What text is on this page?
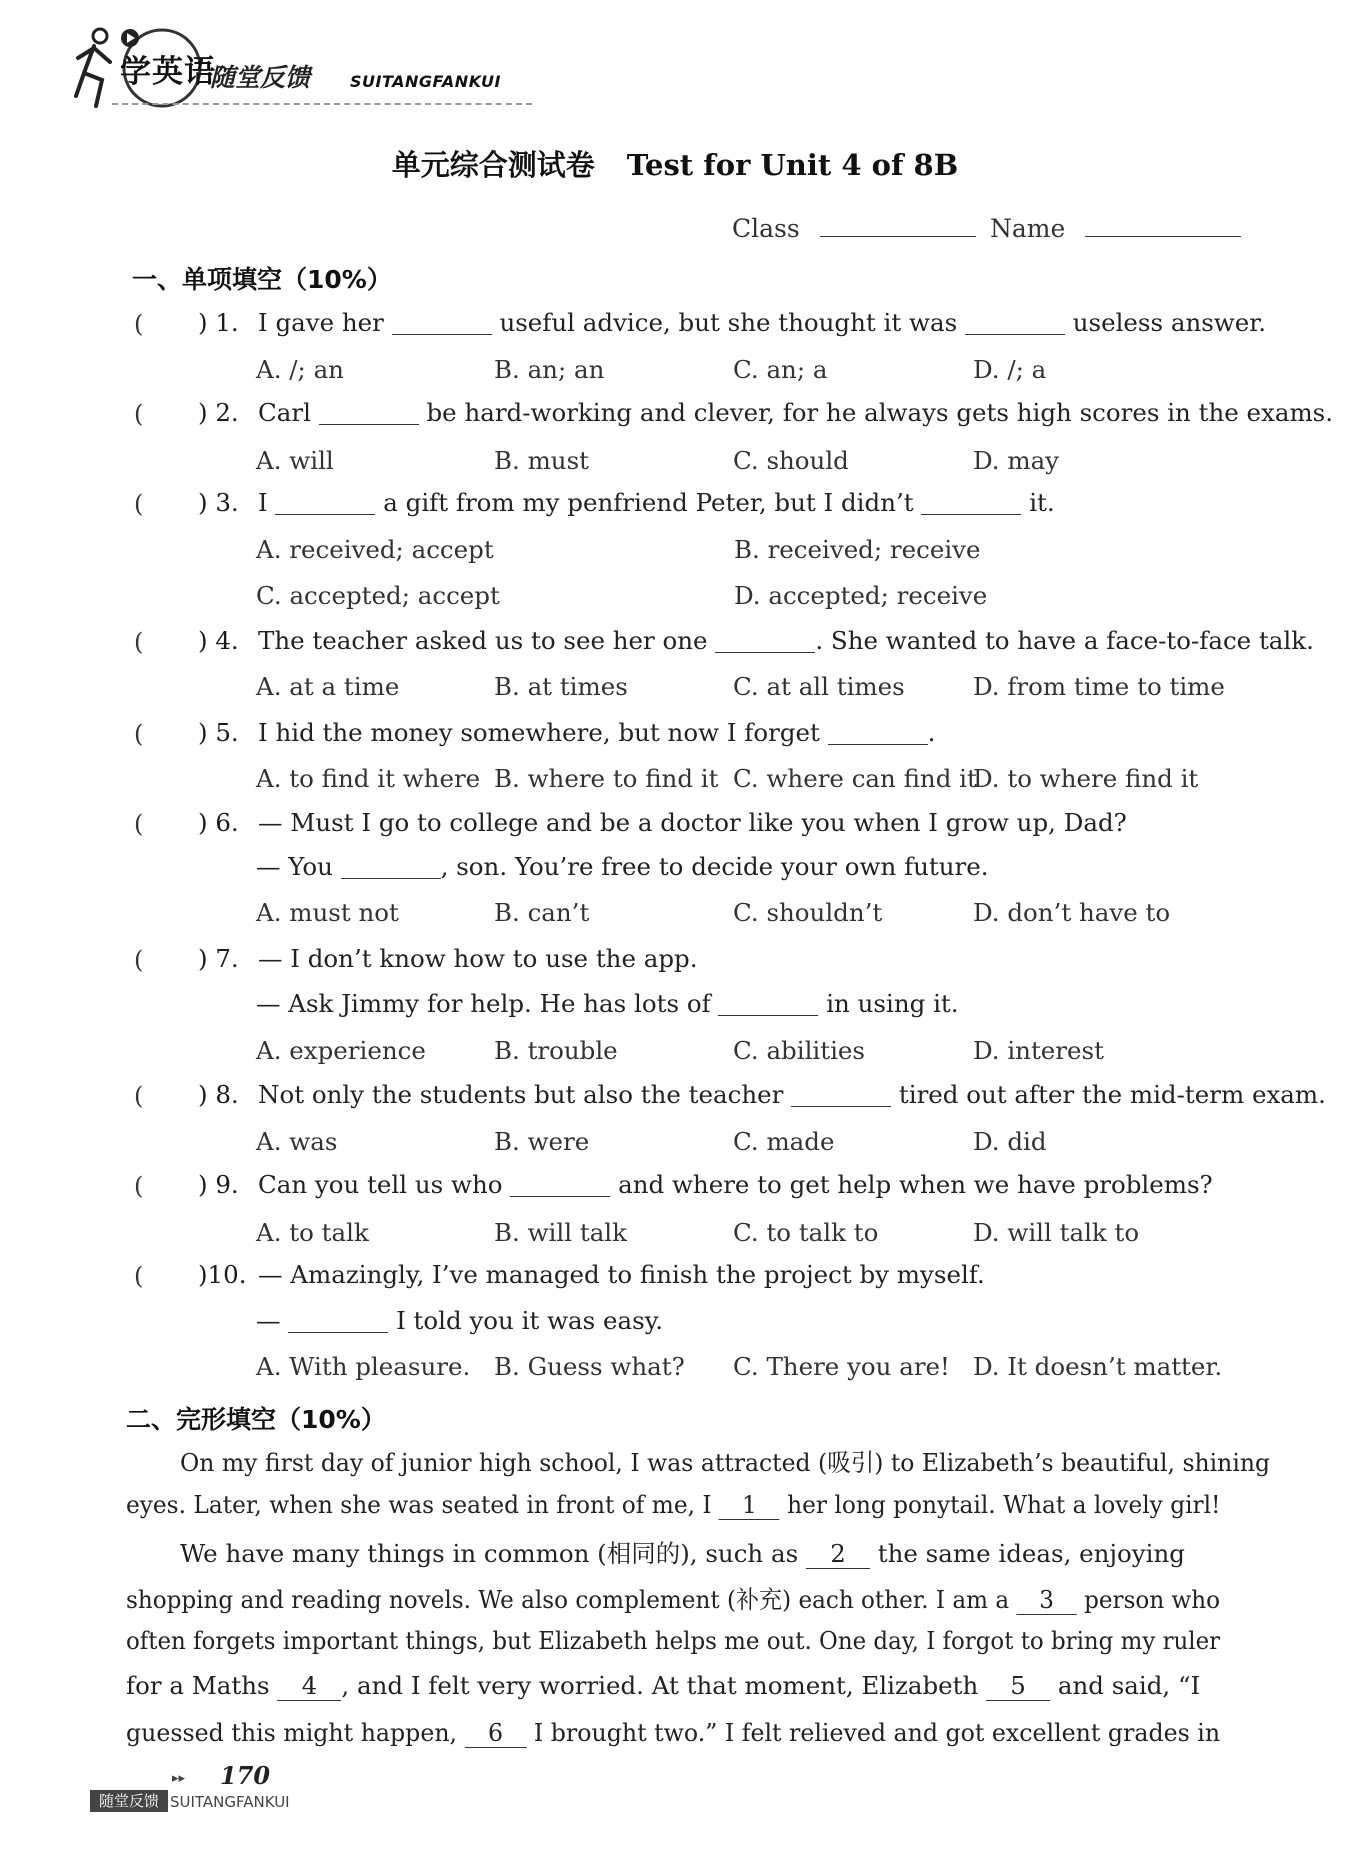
学英语
随堂反馈 SUITANGFANKUI
单元综合测试卷 Test for Unit 4 of 8B
Class	Name
一、单项填空（10%）
( ) 1. I gave her	useful advice, but she thought it was	useless answer.
A. /; an	B. an; an	C. an; a	D. /; a
( ) 2. Carl	be hard-working and clever, for he always gets high scores in the exams.
A. will	B. must	C. should	D. may
( ) 3. I	a gift from my penfriend Peter, but I didn’t	it.
A. received; accept	B. received; receive
C. accepted; accept	D. accepted; receive
( ) 4. The teacher asked us to see her one	. She wanted to have a face-to-face talk.
A. at a time	B. at times	C. at all times	D. from time to time
( ) 5. I hid the money somewhere, but now I forget	.
A. to find it where B. where to find it C. where can find it
D. to where find it
( ) 6. — Must I go to college and be a doctor like you when I grow up, Dad?
— You	, son. You’re free to decide your own future.
A. must not	B. can’t	C. shouldn’t	D. don’t have to
( ) 7. — I don’t know how to use the app.
— Ask Jimmy for help. He has lots of	in using it.
A. experience	B. trouble	C. abilities	D. interest
( ) 8. Not only the students but also the teacher	tired out after the mid-term exam.
A. was	B. were	C. made	D. did
( ) 9. Can you tell us who	and where to get help when we have problems?
A. to talk	B. will talk	C. to talk to	D. will talk to
( )10. — Amazingly, I’ve managed to finish the project by myself.
—	I told you it was easy.
A. With pleasure. B. Guess what? C. There you are! D. It doesn’t matter.
二、完形填空（10%）
On my first day of junior high school, I was attracted (吸引) to Elizabeth’s beautiful, shining
eyes. Later, when she was seated in front of me, I 1 her long ponytail. What a lovely girl!
We have many things in common (相同的), such as 2 the same ideas, enjoying
shopping and reading novels. We also complement (补充) each other. I am a 3 person who
often forgets important things, but Elizabeth helps me out. One day, I forgot to bring my ruler
for a Maths 4 , and I felt very worried. At that moment, Elizabeth 5 and said, “I
guessed this might happen, 6 I brought two.” I felt relieved and got excellent grades in
▸▸ 170
随堂反馈 SUITANGFANKUI
